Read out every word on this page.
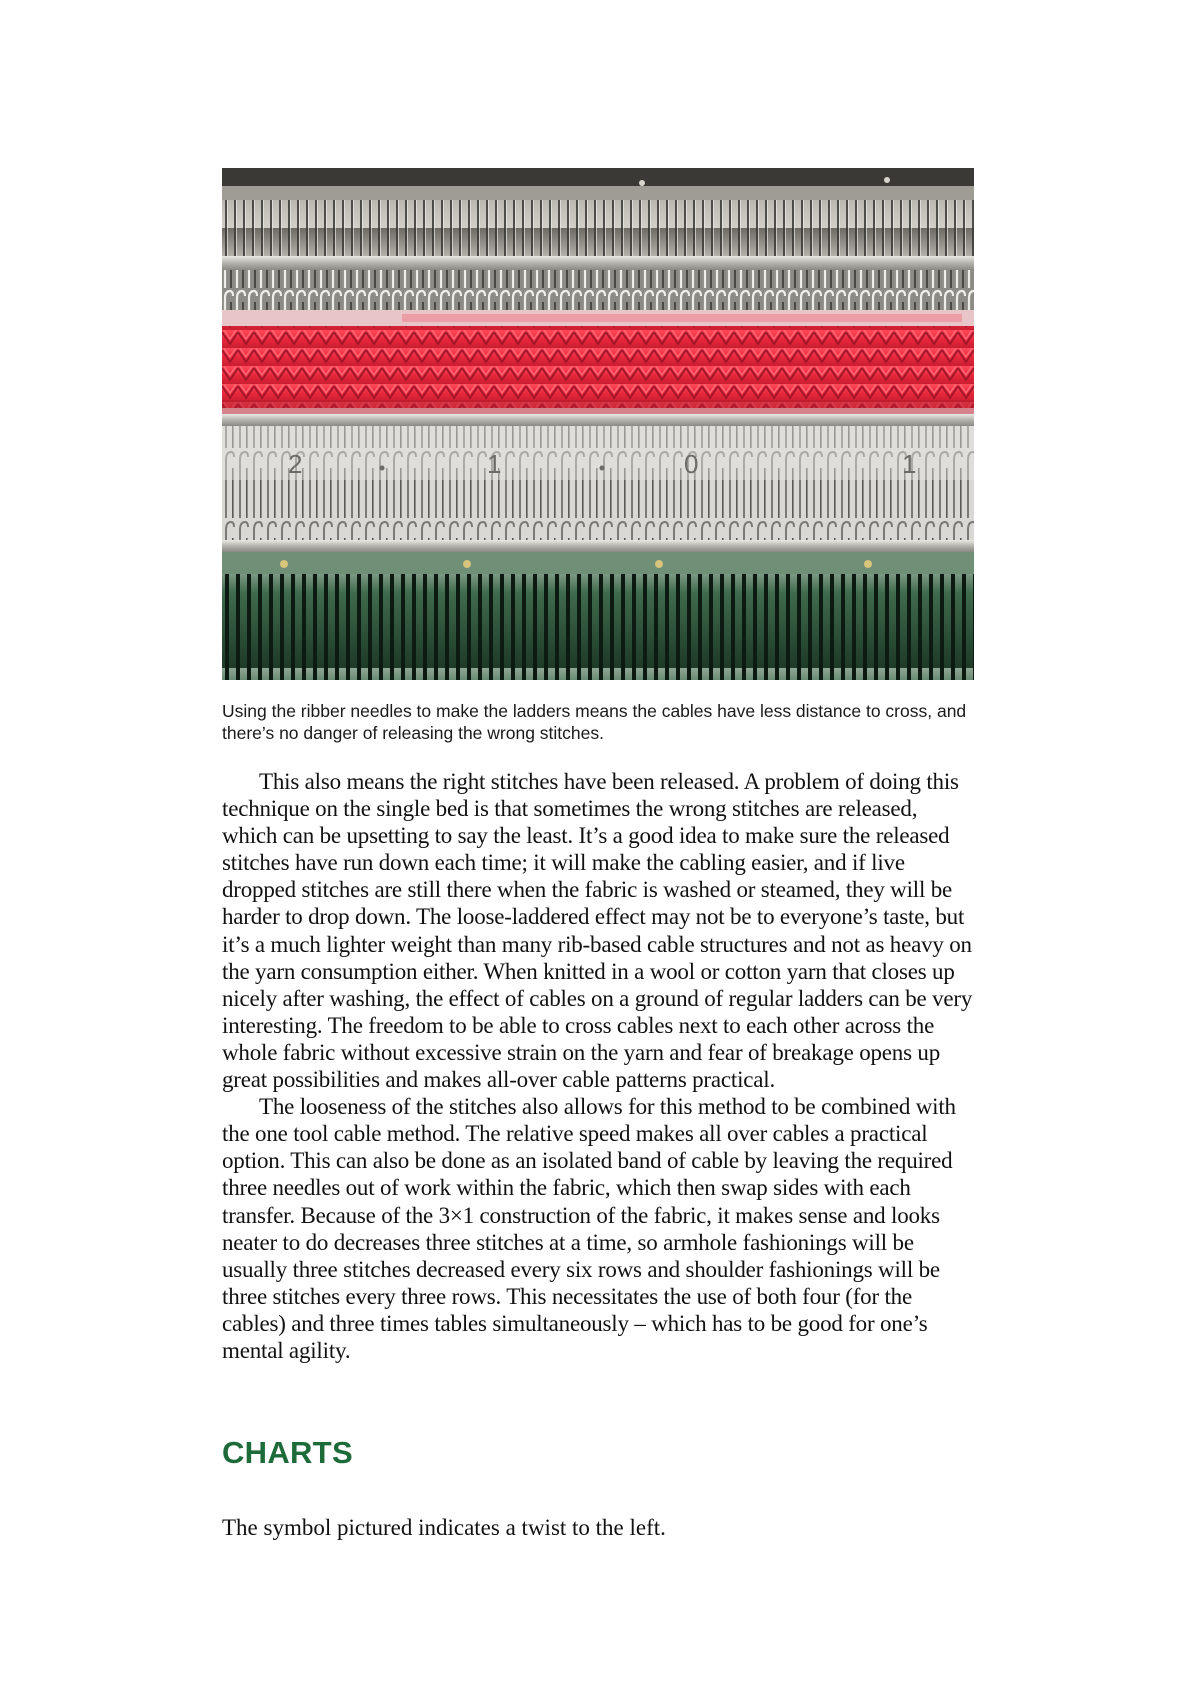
2	1	0	1

Using the ribber needles to make the ladders means the cables have less distance to cross, and there’s no danger of releasing the wrong stitches.

This also means the right stitches have been released. A problem of doing this technique on the single bed is that sometimes the wrong stitches are released, which can be upsetting to say the least. It’s a good idea to make sure the released stitches have run down each time; it will make the cabling easier, and if live dropped stitches are still there when the fabric is washed or steamed, they will be harder to drop down. The loose-laddered effect may not be to everyone’s taste, but it’s a much lighter weight than many rib-based cable structures and not as heavy on the yarn consumption either. When knitted in a wool or cotton yarn that closes up nicely after washing, the effect of cables on a ground of regular ladders can be very interesting. The freedom to be able to cross cables next to each other across the whole fabric without excessive strain on the yarn and fear of breakage opens up great possibilities and makes all-over cable patterns practical.

The looseness of the stitches also allows for this method to be combined with the one tool cable method. The relative speed makes all over cables a practical option. This can also be done as an isolated band of cable by leaving the required three needles out of work within the fabric, which then swap sides with each transfer. Because of the 3×1 construction of the fabric, it makes sense and looks neater to do decreases three stitches at a time, so armhole fashionings will be usually three stitches decreased every six rows and shoulder fashionings will be three stitches every three rows. This necessitates the use of both four (for the cables) and three times tables simultaneously – which has to be good for one’s mental agility.

CHARTS

The symbol pictured indicates a twist to the left.
